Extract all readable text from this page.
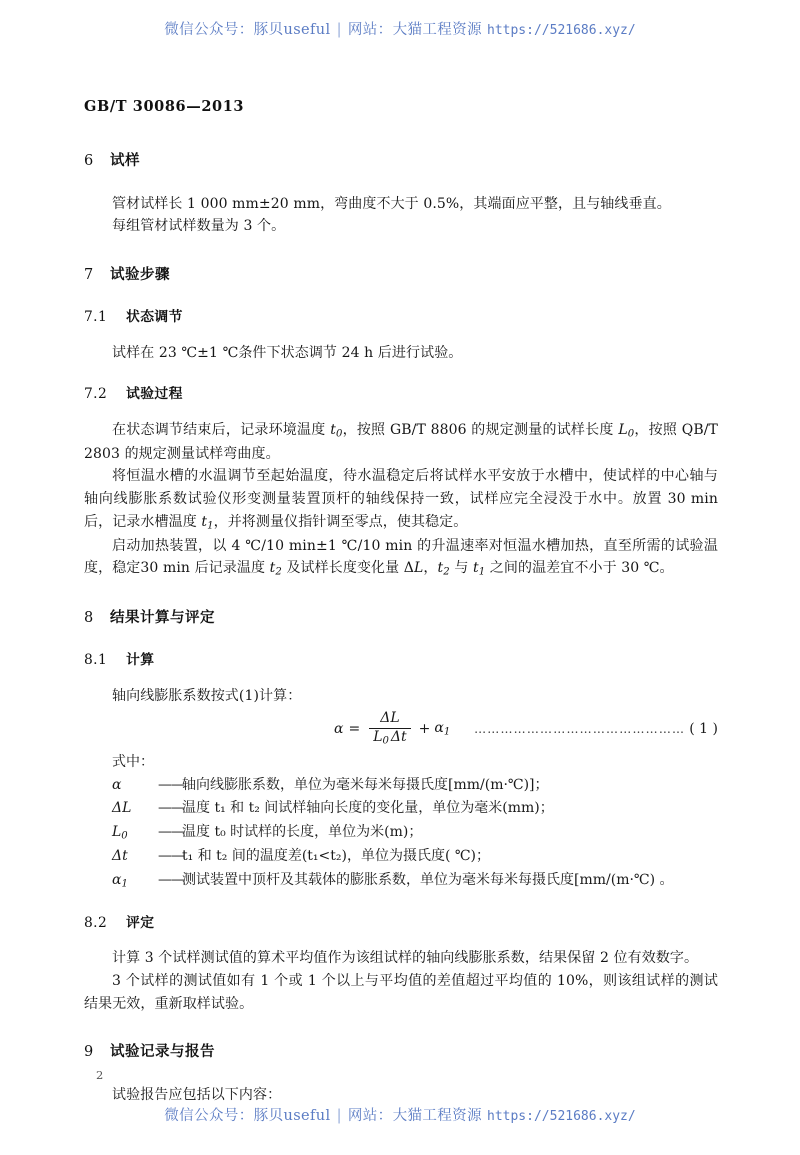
微信公众号：豚贝useful | 网站：大猫工程资源 https://521686.xyz/
GB/T 30086—2013
6 试样

管材试样长 1 000 mm±20 mm，弯曲度不大于 0.5%，其端面应平整，且与轴线垂直。

每组管材试样数量为 3 个。

7 试验步骤
7.1 状态调节

试样在 23 ℃±1 ℃条件下状态调节 24 h 后进行试验。

7.2 试验过程

在状态调节结束后，记录环境温度 $t_0$，按照 GB/T 8806 的规定测量的试样长度 $L_0$，按照 QB/T 2803 的规定测量试样弯曲度。

将恒温水槽的水温调节至起始温度，待水温稳定后将试样水平安放于水槽中，使试样的中心轴与轴向线膨胀系数试验仪形变测量装置顶杆的轴线保持一致，试样应完全浸没于水中。放置 30 min 后，记录水槽温度 $t_1$，并将测量仪指针调至零点，使其稳定。

启动加热装置，以 4 ℃/10 min±1 ℃/10 min 的升温速率对恒温水槽加热，直至所需的试验温度，稳定30 min 后记录温度 $t_2$ 及试样长度变化量 ΔL，$t_2$ 与 $t_1$ 之间的温差宜不小于 30 ℃。

8 结果计算与评定
8.1 计算

轴向线膨胀系数按式(1)计算：

$\alpha = \frac{\Delta L}{L_0 \Delta t} + \alpha_1$	………………………………………… ( 1 )

式中：

α	——
轴向线膨胀系数，单位为毫米每米每摄氏度[mm/(m·℃)]；
ΔL	——
温度 t₁ 和 t₂ 间试样轴向长度的变化量，单位为毫米(mm)；
$L_0$	——
温度 t₀ 时试样的长度，单位为米(m)；
Δt	——
t₁ 和 t₂ 间的温度差(t₁<t₂)，单位为摄氏度( ℃)；
$\alpha_1$	——
测试装置中顶杆及其载体的膨胀系数，单位为毫米每米每摄氏度[mm/(m·℃) 。
8.2 评定

计算 3 个试样测试值的算术平均值作为该组试样的轴向线膨胀系数，结果保留 2 位有效数字。

3 个试样的测试值如有 1 个或 1 个以上与平均值的差值超过平均值的 10%，则该组试样的测试结果无效，重新取样试验。

9 试验记录与报告

试验报告应包括以下内容：

2
微信公众号：豚贝useful | 网站：大猫工程资源 https://521686.xyz/
